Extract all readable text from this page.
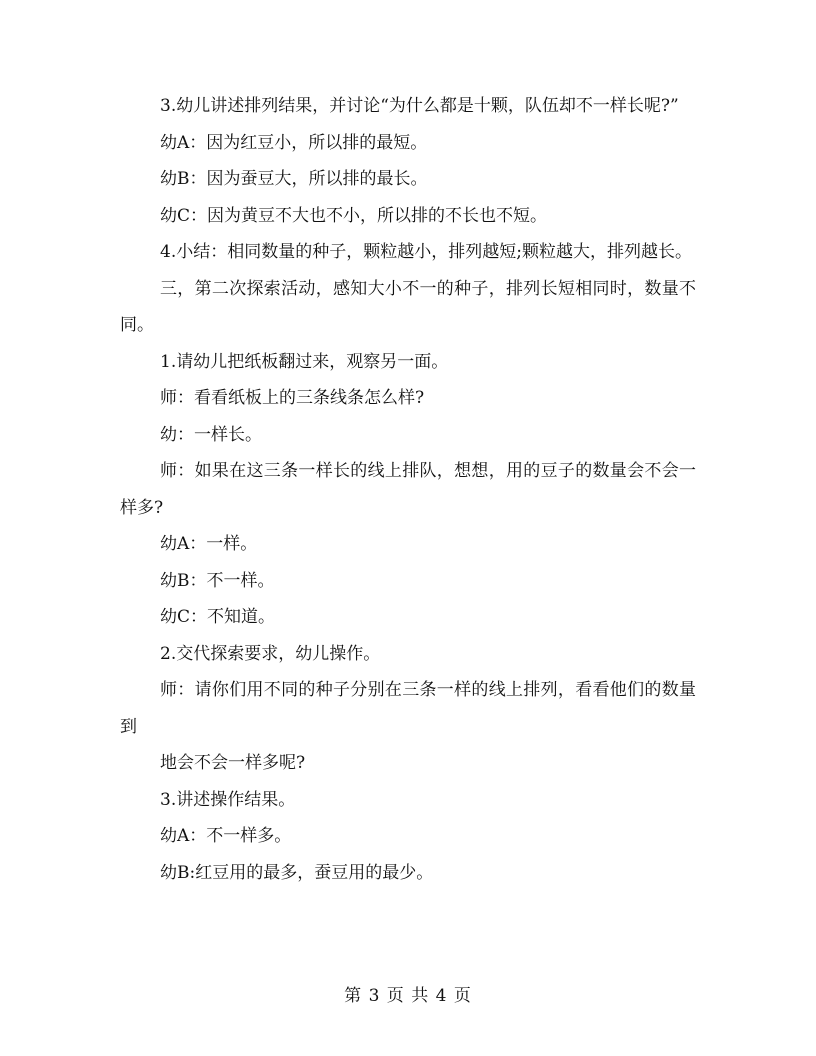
3.幼儿讲述排列结果，并讨论“为什么都是十颗，队伍却不一样长呢?”

幼A：因为红豆小，所以排的最短。

幼B：因为蚕豆大，所以排的最长。

幼C：因为黄豆不大也不小，所以排的不长也不短。

4.小结：相同数量的种子，颗粒越小，排列越短;颗粒越大，排列越长。

三，第二次探索活动，感知大小不一的种子，排列长短相同时，数量不同。

1.请幼儿把纸板翻过来，观察另一面。

师：看看纸板上的三条线条怎么样?

幼：一样长。

师：如果在这三条一样长的线上排队，想想，用的豆子的数量会不会一样多?

幼A：一样。

幼B：不一样。

幼C：不知道。

2.交代探索要求，幼儿操作。

师：请你们用不同的种子分别在三条一样的线上排列，看看他们的数量到

地会不会一样多呢?

3.讲述操作结果。

幼A：不一样多。

幼B:红豆用的最多，蚕豆用的最少。

第 3 页 共 4 页
